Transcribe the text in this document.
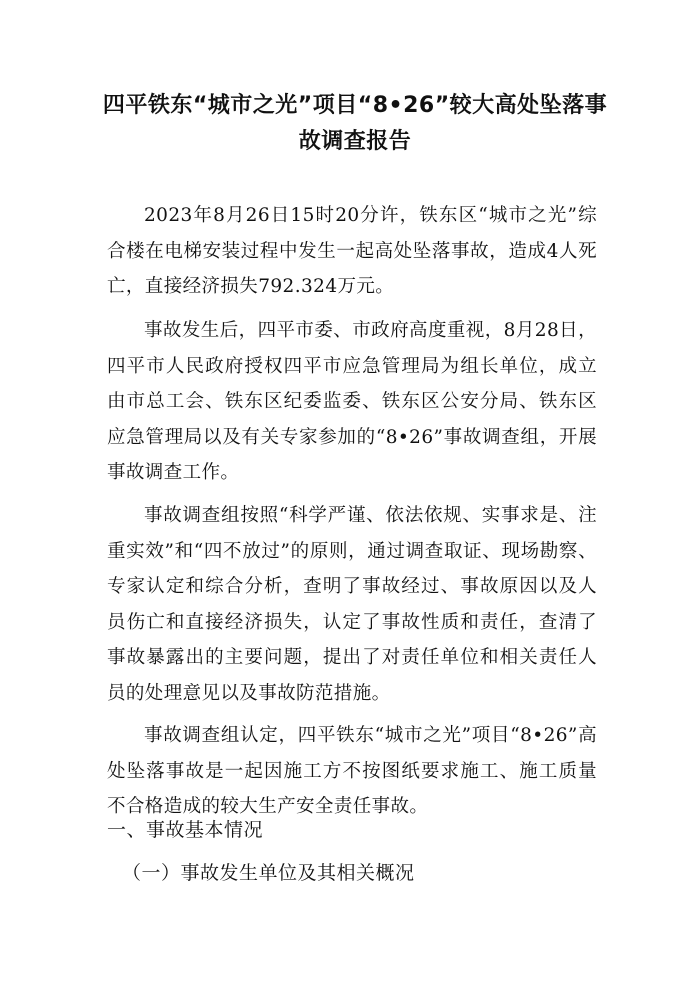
四平铁东“城市之光”项目“8•26”较大高处坠落事
故调查报告

2023年8月26日15时20分许，铁东区“城市之光”综合楼在电梯安装过程中发生一起高处坠落事故，造成4人死亡，直接经济损失792.324万元。

事故发生后，四平市委、市政府高度重视，8月28日，四平市人民政府授权四平市应急管理局为组长单位，成立由市总工会、铁东区纪委监委、铁东区公安分局、铁东区应急管理局以及有关专家参加的“8•26”事故调查组，开展事故调查工作。

事故调查组按照“科学严谨、依法依规、实事求是、注重实效”和“四不放过”的原则，通过调查取证、现场勘察、专家认定和综合分析，查明了事故经过、事故原因以及人员伤亡和直接经济损失，认定了事故性质和责任，查清了事故暴露出的主要问题，提出了对责任单位和相关责任人员的处理意见以及事故防范措施。

事故调查组认定，四平铁东“城市之光”项目“8•26”高处坠落事故是一起因施工方不按图纸要求施工、施工质量不合格造成的较大生产安全责任事故。

一、事故基本情况
（一）事故发生单位及其相关概况
